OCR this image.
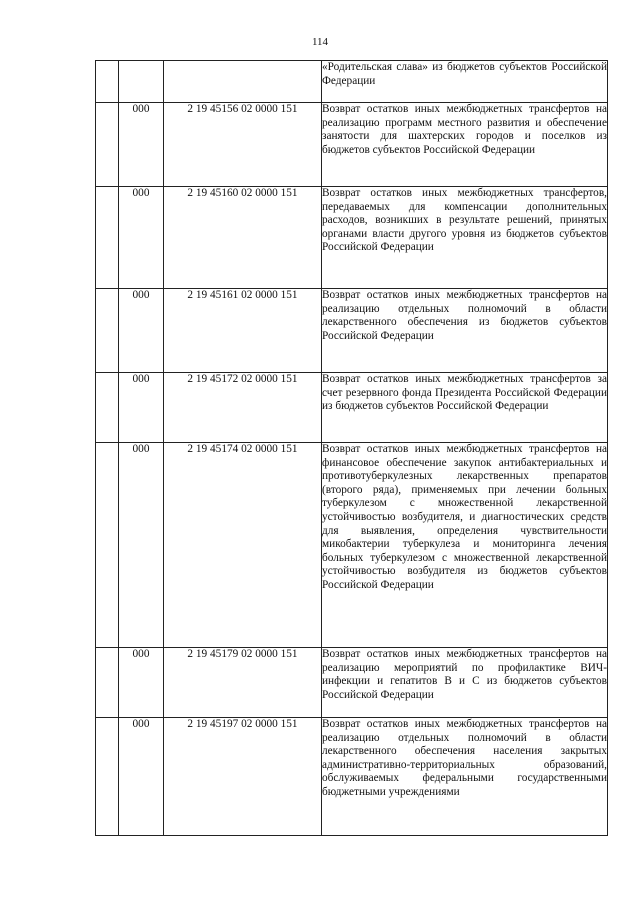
114

			«Родительская слава» из бюджетов субъектов Российской Федерации

	000	2 19 45156 02 0000 151	Возврат остатков иных межбюджетных трансфертов на реализацию программ местного развития и обеспечение занятости для шахтерских городов и поселков из бюджетов субъектов Российской Федерации

	000	2 19 45160 02 0000 151	Возврат остатков иных межбюджетных трансфертов, передаваемых для компенсации дополнительных расходов, возникших в результате решений, принятых органами власти другого уровня из бюджетов субъектов Российской Федерации

	000	2 19 45161 02 0000 151	Возврат остатков иных межбюджетных трансфертов на реализацию отдельных полномочий в области лекарственного обеспечения из бюджетов субъектов Российской Федерации

	000	2 19 45172 02 0000 151	Возврат остатков иных межбюджетных трансфертов за счет резервного фонда Президента Российской Федерации из бюджетов субъектов Российской Федерации

	000	2 19 45174 02 0000 151	Возврат остатков иных межбюджетных трансфертов на финансовое обеспечение закупок антибактериальных и противотуберкулезных лекарственных препаратов (второго ряда), применяемых при лечении больных туберкулезом с множественной лекарственной устойчивостью возбудителя, и диагностических средств для выявления, определения чувствительности микобактерии туберкулеза и мониторинга лечения больных туберкулезом с множественной лекарственной устойчивостью возбудителя из бюджетов субъектов Российской Федерации

	000	2 19 45179 02 0000 151	Возврат остатков иных межбюджетных трансфертов на реализацию мероприятий по профилактике ВИЧ-инфекции и гепатитов B и C из бюджетов субъектов Российской Федерации

	000	2 19 45197 02 0000 151	Возврат остатков иных межбюджетных трансфертов на реализацию отдельных полномочий в области лекарственного обеспечения населения закрытых административно-территориальных образований, обслуживаемых федеральными государственными бюджетными учреждениями
